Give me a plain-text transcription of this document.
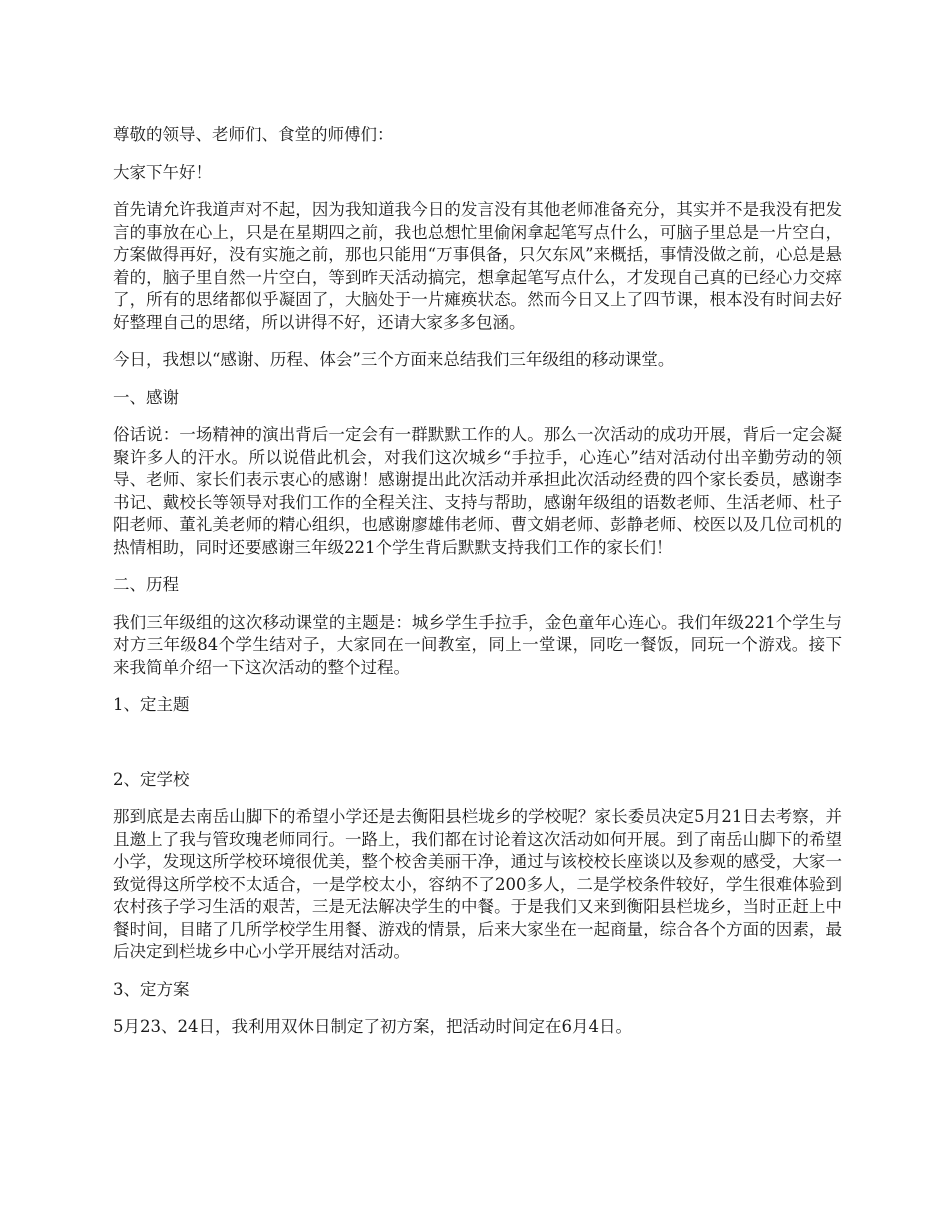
尊敬的领导、老师们、食堂的师傅们：

大家下午好！

首先请允许我道声对不起，因为我知道我今日的发言没有其他老师准备充分，其实并不是我没有把发言的事放在心上，只是在星期四之前，我也总想忙里偷闲拿起笔写点什么，可脑子里总是一片空白，方案做得再好，没有实施之前，那也只能用“万事俱备，只欠东风”来概括，事情没做之前，心总是悬着的，脑子里自然一片空白，等到昨天活动搞完，想拿起笔写点什么，才发现自己真的已经心力交瘁了，所有的思绪都似乎凝固了，大脑处于一片瘫痪状态。然而今日又上了四节课，根本没有时间去好好整理自己的思绪，所以讲得不好，还请大家多多包涵。

今日，我想以“感谢、历程、体会”三个方面来总结我们三年级组的移动课堂。

一、感谢

俗话说：一场精神的演出背后一定会有一群默默工作的人。那么一次活动的成功开展，背后一定会凝聚许多人的汗水。所以说借此机会，对我们这次城乡“手拉手，心连心”结对活动付出辛勤劳动的领导、老师、家长们表示衷心的感谢！感谢提出此次活动并承担此次活动经费的四个家长委员，感谢李书记、戴校长等领导对我们工作的全程关注、支持与帮助，感谢年级组的语数老师、生活老师、杜子阳老师、董礼美老师的精心组织，也感谢廖雄伟老师、曹文娟老师、彭静老师、校医以及几位司机的热情相助，同时还要感谢三年级221个学生背后默默支持我们工作的家长们！

二、历程

我们三年级组的这次移动课堂的主题是：城乡学生手拉手，金色童年心连心。我们年级221个学生与对方三年级84个学生结对子，大家同在一间教室，同上一堂课，同吃一餐饭，同玩一个游戏。接下来我简单介绍一下这次活动的整个过程。

1、定主题

2、定学校

那到底是去南岳山脚下的希望小学还是去衡阳县栏垅乡的学校呢？家长委员决定5月21日去考察，并且邀上了我与管玫瑰老师同行。一路上，我们都在讨论着这次活动如何开展。到了南岳山脚下的希望小学，发现这所学校环境很优美，整个校舍美丽干净，通过与该校校长座谈以及参观的感受，大家一致觉得这所学校不太适合，一是学校太小，容纳不了200多人，二是学校条件较好，学生很难体验到农村孩子学习生活的艰苦，三是无法解决学生的中餐。于是我们又来到衡阳县栏垅乡，当时正赶上中餐时间，目睹了几所学校学生用餐、游戏的情景，后来大家坐在一起商量，综合各个方面的因素，最后决定到栏垅乡中心小学开展结对活动。

3、定方案

5月23、24日，我利用双休日制定了初方案，把活动时间定在6月4日。
